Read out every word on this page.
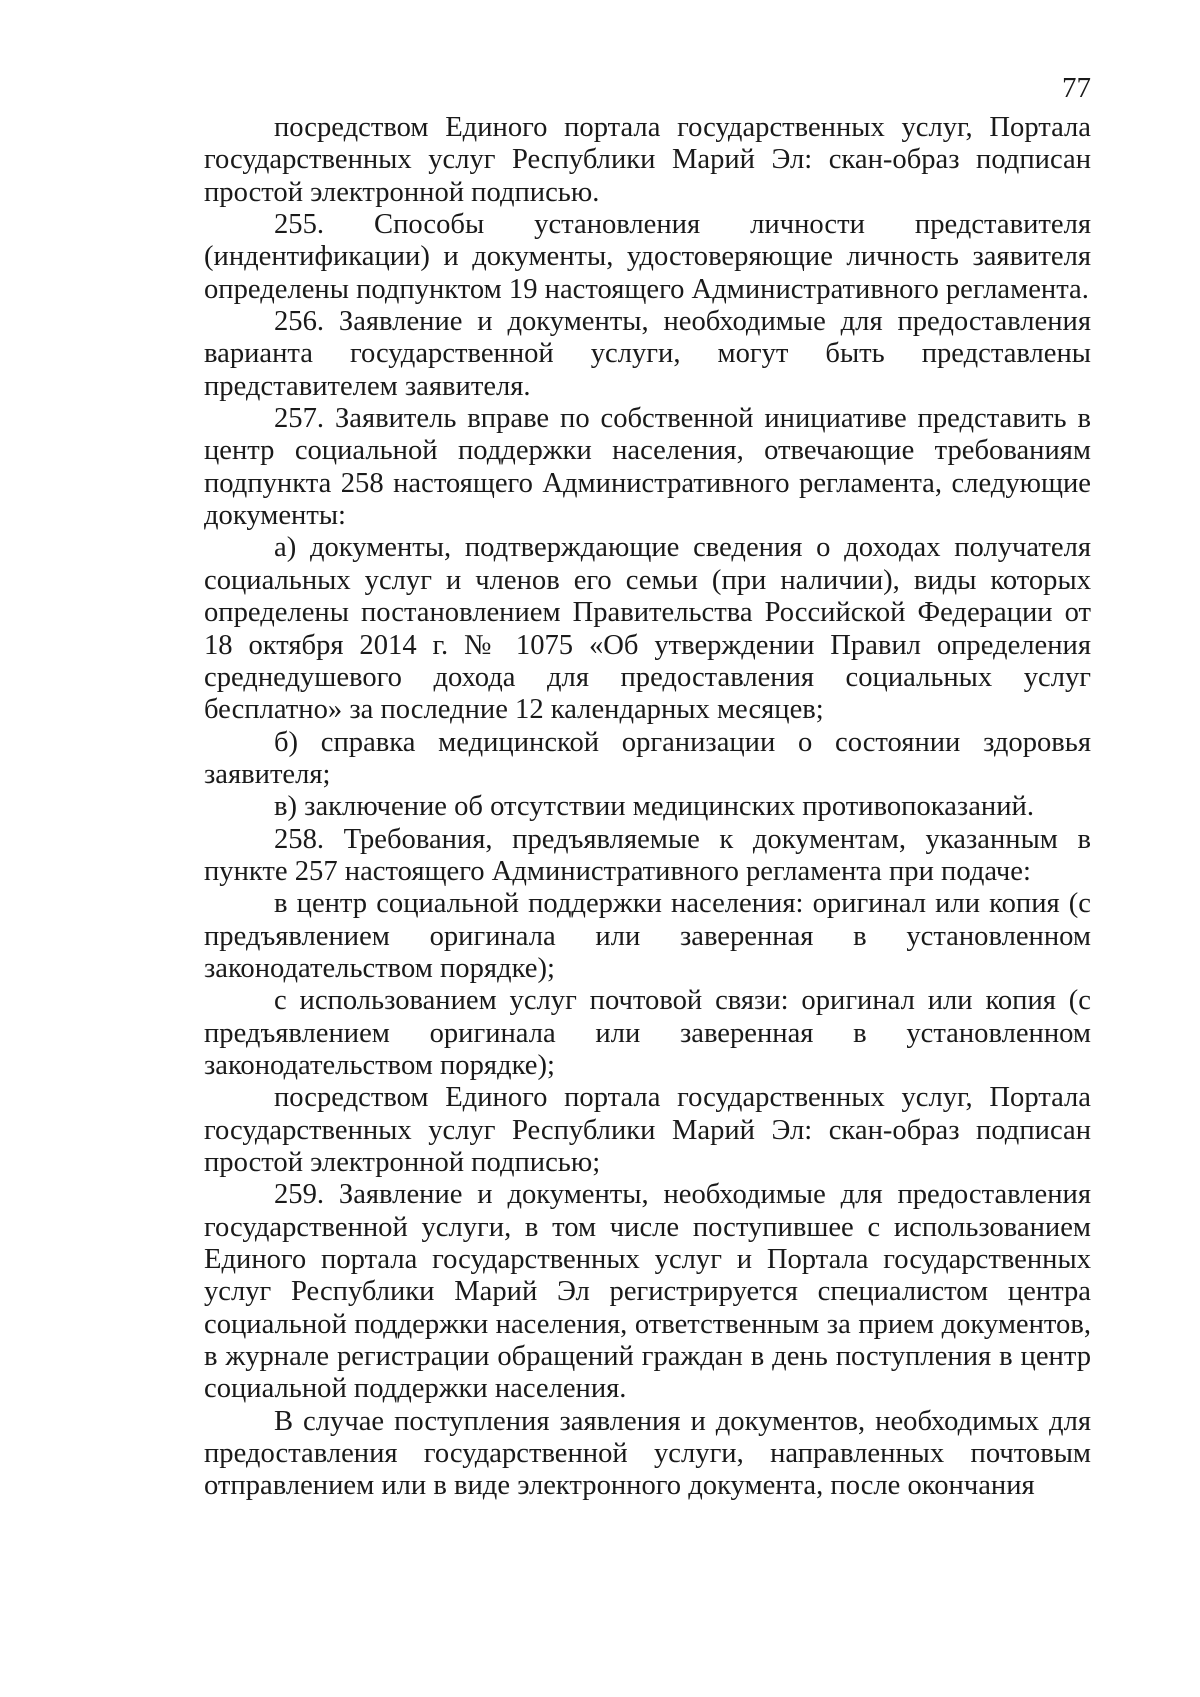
77

посредством Единого портала государственных услуг, Портала государственных услуг Республики Марий Эл: скан-образ подписан простой электронной подписью.

255. Способы установления личности представителя (индентификации) и документы, удостоверяющие личность заявителя определены подпунктом 19 настоящего Административного регламента.

256. Заявление и документы, необходимые для предоставления варианта государственной услуги, могут быть представлены представителем заявителя.

257. Заявитель вправе по собственной инициативе представить в центр социальной поддержки населения, отвечающие требованиям подпункта 258 настоящего Административного регламента, следующие документы:

а) документы, подтверждающие сведения о доходах получателя социальных услуг и членов его семьи (при наличии), виды которых определены постановлением Правительства Российской Федерации от 18 октября 2014 г. № 1075 «Об утверждении Правил определения среднедушевого дохода для предоставления социальных услуг бесплатно» за последние 12 календарных месяцев;

б) справка медицинской организации о состоянии здоровья заявителя;

в) заключение об отсутствии медицинских противопоказаний.

258. Требования, предъявляемые к документам, указанным в пункте 257 настоящего Административного регламента при подаче:

в центр социальной поддержки населения: оригинал или копия (с предъявлением оригинала или заверенная в установленном законодательством порядке);

с использованием услуг почтовой связи: оригинал или копия (с предъявлением оригинала или заверенная в установленном законодательством порядке);

посредством Единого портала государственных услуг, Портала государственных услуг Республики Марий Эл: скан-образ подписан простой электронной подписью;

259. Заявление и документы, необходимые для предоставления государственной услуги, в том числе поступившее с использованием Единого портала государственных услуг и Портала государственных услуг Республики Марий Эл регистрируется специалистом центра социальной поддержки населения, ответственным за прием документов, в журнале регистрации обращений граждан в день поступления в центр социальной поддержки населения.

В случае поступления заявления и документов, необходимых для предоставления государственной услуги, направленных почтовым отправлением или в виде электронного документа, после окончания
